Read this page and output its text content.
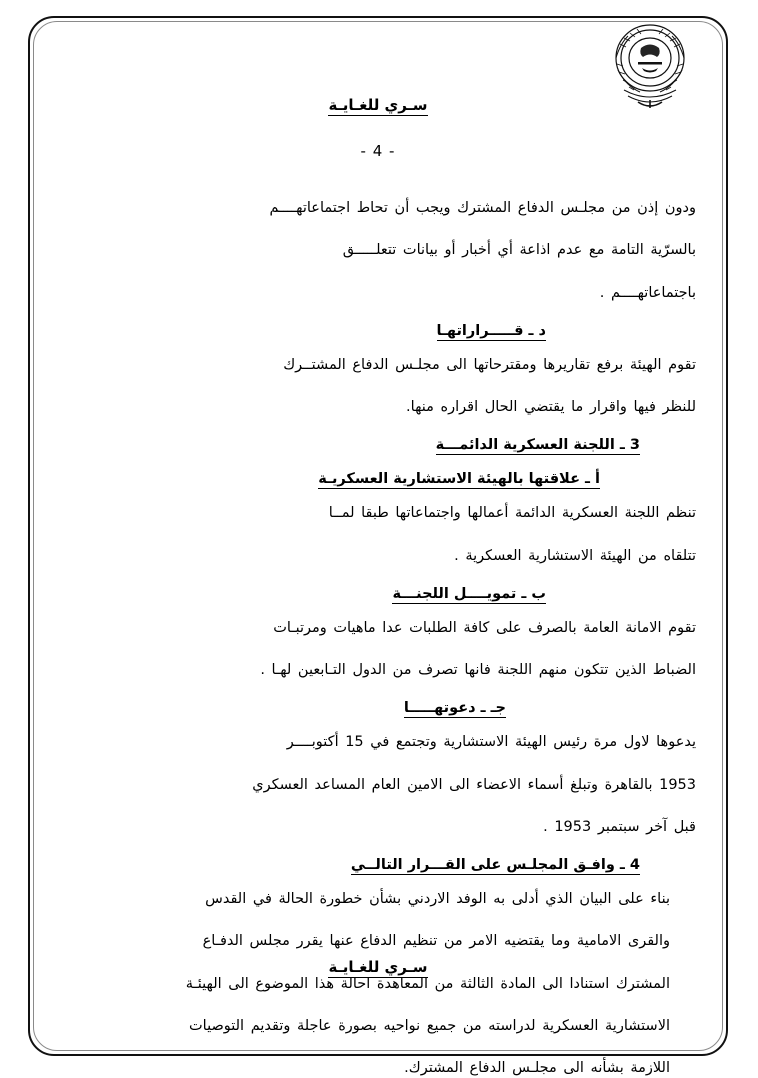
سـري للغـايـة
- 4 -

ودون إذن من مجلـس الدفاع المشترك ويجب أن تحاط اجتماعاتهــــم

بالسرّية التامة مع عدم اذاعة أي أخبار أو بيانات تتعلـــــق

باجتماعاتهــــم .

د ـ قـــــراراتهـا

تقوم الهيئة برفع تقاريرها ومقترحاتها الى مجلـس الدفاع المشتــرك

للنظر فيها واقرار ما يقتضي الحال اقراره منها.

3 ـ اللجنة العسكرية الدائمـــة
أ ـ علاقتها بالهيئة الاستشارية العسكريـة

تنظم اللجنة العسكرية الدائمة أعمالها واجتماعاتها طبقا لمــا

تتلقاه من الهيئة الاستشارية العسكرية .

ب ـ تمويــــل اللجنـــة

تقوم الامانة العامة بالصرف على كافة الطلبات عدا ماهيات ومرتبـات

الضباط الذين تتكون منهم اللجنة فانها تصرف من الدول التـابعين لهـا .

جـ ـ دعوتهـــــا

يدعوها لاول مرة رئيس الهيئة الاستشارية وتجتمع في 15 أكتوبــــر

1953 بالقاهرة وتبلغ أسماء الاعضاء الى الامين العام المساعد العسكري

قبل آخر سبتمبر 1953 .

4 ـ وافـق المجلـس على القـــرار التالــي

بناء على البيان الذي أدلى به الوفد الاردني بشأن خطورة الحالة في القدس

والقرى الامامية وما يقتضيه الامر من تنظيم الدفاع عنها يقرر مجلس الدفـاع

المشترك استنادا الى المادة الثالثة من المعاهدة احالة هذا الموضوع الى الهيئـة

الاستشارية العسكرية لدراسته من جميع نواحيه بصورة عاجلة وتقديم التوصيات

اللازمة بشأنه الى مجلـس الدفاع المشترك.

سـري للغـايـة
